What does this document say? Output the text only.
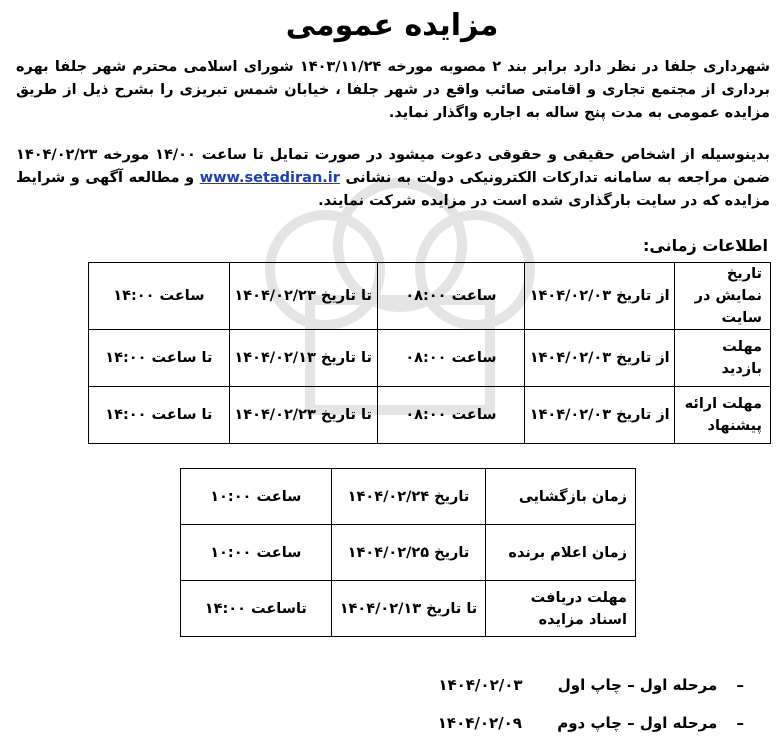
مزایده عمومی
شهرداری جلفا در نظر دارد برابر بند ۲ مصوبه مورخه ۱۴۰۳/۱۱/۲۴ شورای اسلامی محترم شهر جلفا بهره برداری از مجتمع تجاری و اقامتی صائب واقع در شهر جلفا ، خیابان شمس تبریزی را بشرح ذیل از طریق مزایده عمومی به مدت پنج ساله به اجاره واگذار نماید.
بدینوسیله از اشخاص حقیقی و حقوقی دعوت میشود در صورت تمایل تا ساعت ۱۴/۰۰ مورخه ۱۴۰۴/۰۲/۲۳ ضمن مراجعه به سامانه تدارکات الکترونیکی دولت به نشانی www.setadiran.ir و مطالعه آگهی و شرایط مزایده که در سایت بارگذاری شده است در مزایده شرکت نمایند.
اطلاعات زمانی:
تاریخ نمایش در سایت	از تاریخ ۱۴۰۴/۰۲/۰۳	ساعت ۰۸:۰۰	تا تاریخ ۱۴۰۴/۰۲/۲۳	ساعت ۱۴:۰۰
مهلت بازدید	از تاریخ ۱۴۰۴/۰۲/۰۳	ساعت ۰۸:۰۰	تا تاریخ ۱۴۰۴/۰۲/۱۳	تا ساعت ۱۴:۰۰
مهلت ارائه پیشنهاد	از تاریخ ۱۴۰۴/۰۲/۰۳	ساعت ۰۸:۰۰	تا تاریخ ۱۴۰۴/۰۲/۲۳	تا ساعت ۱۴:۰۰
زمان بازگشایی	تاریخ ۱۴۰۴/۰۲/۲۴	ساعت ۱۰:۰۰
زمان اعلام برنده	تاریخ ۱۴۰۴/۰۲/۲۵	ساعت ۱۰:۰۰
مهلت دریافت اسناد مزایده	تا تاریخ ۱۴۰۴/۰۲/۱۳	تاساعت ۱۴:۰۰
– مرحله اول – چاپ اول ۱۴۰۴/۰۲/۰۳
– مرحله اول – چاپ دوم ۱۴۰۴/۰۲/۰۹
